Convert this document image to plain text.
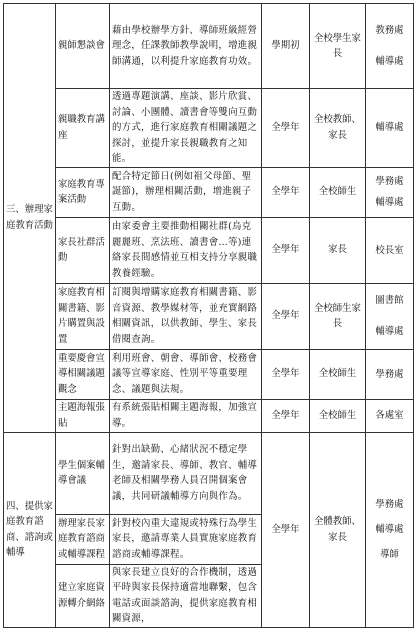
三、辦理家庭教育活動	親師懇談會	藉由學校辦學方針、導師班級經營理念，任課教師教學說明，增進親師溝通，以利提升家庭教育功效。	學期初	全校學生家長	教務處
輔導處

	親職教育講座	透過專題演講、座談、影片欣賞、討論、小團體、讀書會等雙向互動的方式，進行家庭教育相關議題之探討，並提升家長親職教育之知能。	全學年	全校教師、家長	輔導處

	家庭教育專案活動	配合特定節日(例如祖父母節、聖誕節)，辦理相關活動，增進親子互動。	全學年	全校師生	學務處
輔導處

	家長社群活動	由家委會主要推動相關社群(烏克麗麗班、烹法班、讀書會…等)連絡家長間感情並互相支持分享親職教養經驗。	全學年	家長	校長室

	家庭教育相關書籍、影片購置與設置	訂閱與增購家庭教育相關書籍、影音資源、教學媒材等，並充實網路相關資訊，以供教師、學生、家長借閱查詢。	全學年	全校師生家長	圖書館
輔導處

	重要慶會宣導相關議題觀念	利用班會、朝會、導師會、校務會議等宣導家庭、性別平等重要理念、議題與法規。	全學年	全校師生	學務處

	主題海報張貼	有系統張貼相關主題海報，加強宣導。	全學年	全校師生	各處室

四、提供家庭教育諮商、諮詢或輔導	學生個案輔導會議	針對出缺勤、心緒狀況不穩定學生，邀請家長、導師、教官、輔導老師及相關學務人員召開個案會議，共同研議輔導方向與作為。	全學年	全體教師、家長	學務處
輔導處
導師

	辦理家長家庭教育諮商或輔導課程	針對校內重大違規或特殊行為學生家長，邀請專業人員實施家庭教育諮商或輔導課程。			
	建立家庭資源轉介網絡	與家長建立良好的合作機制，透過平時與家長保持適當地聯繫，包含電話或面談諮詢，提供家庭教育相關資源，			
